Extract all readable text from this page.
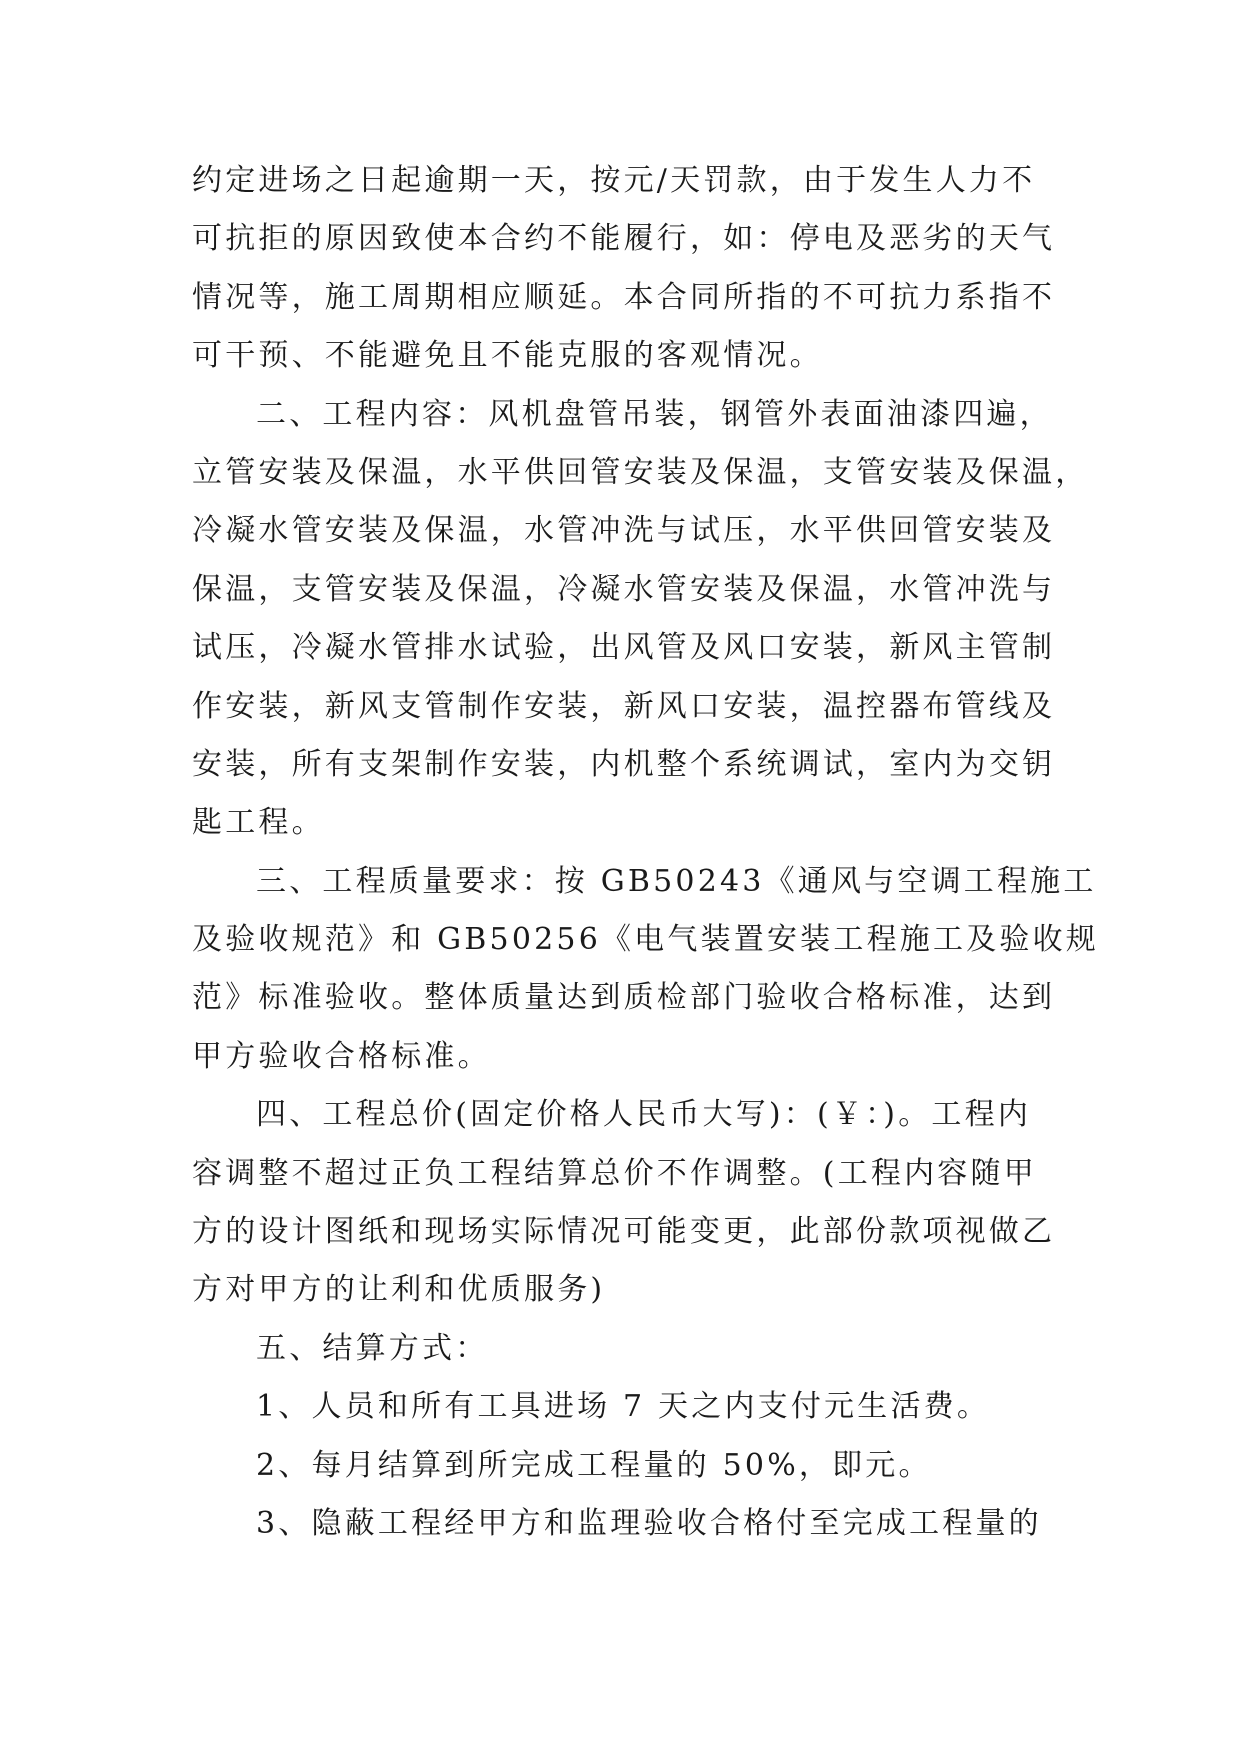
约定进场之日起逾期一天，按元/天罚款，由于发生人力不
可抗拒的原因致使本合约不能履行，如：停电及恶劣的天气
情况等，施工周期相应顺延。本合同所指的不可抗力系指不
可干预、不能避免且不能克服的客观情况。
二、工程内容：风机盘管吊装，钢管外表面油漆四遍，
立管安装及保温，水平供回管安装及保温，支管安装及保温，
冷凝水管安装及保温，水管冲洗与试压，水平供回管安装及
保温，支管安装及保温，冷凝水管安装及保温，水管冲洗与
试压，冷凝水管排水试验，出风管及风口安装，新风主管制
作安装，新风支管制作安装，新风口安装，温控器布管线及
安装，所有支架制作安装，内机整个系统调试，室内为交钥
匙工程。
三、工程质量要求：按 GB50243《通风与空调工程施工
及验收规范》和 GB50256《电气装置安装工程施工及验收规
范》标准验收。整体质量达到质检部门验收合格标准，达到
甲方验收合格标准。
四、工程总价(固定价格人民币大写)：(￥：)。工程内
容调整不超过正负工程结算总价不作调整。(工程内容随甲
方的设计图纸和现场实际情况可能变更，此部份款项视做乙
方对甲方的让利和优质服务)
五、结算方式：
1、人员和所有工具进场 7 天之内支付元生活费。
2、每月结算到所完成工程量的 50%，即元。
3、隐蔽工程经甲方和监理验收合格付至完成工程量的
